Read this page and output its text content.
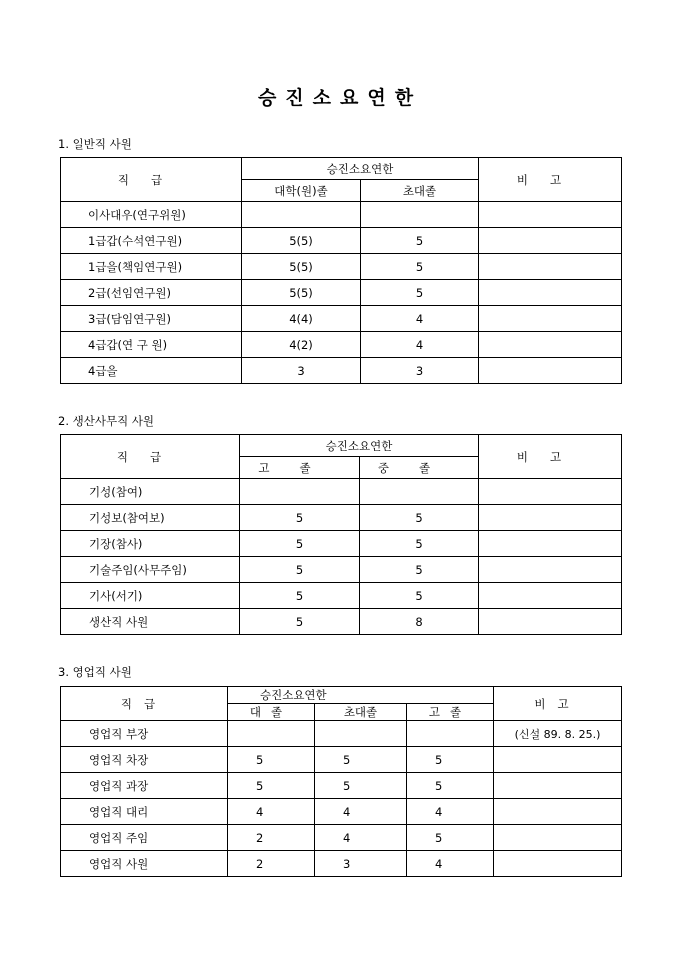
승진소요연한
1. 일반직 사원
직급	승진소요연한		비고
	대학(원)졸	초대졸	
이사대우(연구위원)			
1급갑(수석연구원)	5(5)	5	
1급을(책임연구원)	5(5)	5	
2급(선임연구원)	5(5)	5	
3급(담임연구원)	4(4)	4	
4급갑(연 구 원)	4(2)	4	
4급을	3	3	
2. 생산사무직 사원
직급	승진소요연한		비고
	고졸	중졸	
기성(참여)			
기성보(참여보)	5	5	
기장(참사)	5	5	
기술주임(사무주임)	5	5	
기사(서기)	5	5	
생산직 사원	5	8	
3. 영업직 사원
직급	승진소요연한			비고
	대졸	초대졸	고졸	
영업직 부장				(신설 89. 8. 25.)
영업직 차장	5	5	5	
영업직 과장	5	5	5	
영업직 대리	4	4	4	
영업직 주임	2	4	5	
영업직 사원	2	3	4	
